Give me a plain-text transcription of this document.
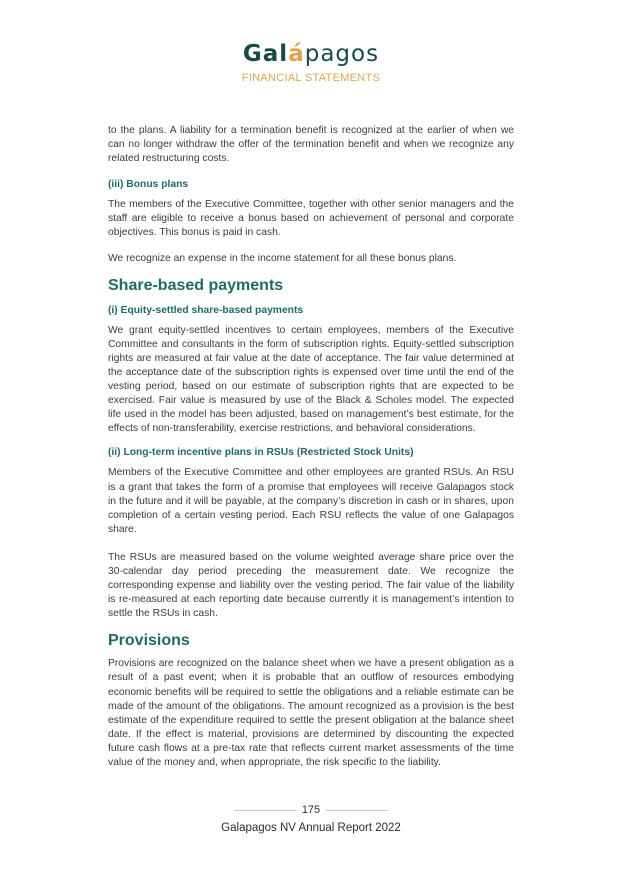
Galápagos
FINANCIAL STATEMENTS

to the plans. A liability for a termination benefit is recognized at the earlier of when we can no longer withdraw the offer of the termination benefit and when we recognize any related restructuring costs.

(iii) Bonus plans

The members of the Executive Committee, together with other senior managers and the staff are eligible to receive a bonus based on achievement of personal and corporate objectives. This bonus is paid in cash.

We recognize an expense in the income statement for all these bonus plans.

Share-based payments
(i) Equity-settled share-based payments

We grant equity-settled incentives to certain employees, members of the Executive Committee and consultants in the form of subscription rights. Equity-settled subscription rights are measured at fair value at the date of acceptance. The fair value determined at the acceptance date of the subscription rights is expensed over time until the end of the vesting period, based on our estimate of subscription rights that are expected to be exercised. Fair value is measured by use of the Black & Scholes model. The expected life used in the model has been adjusted, based on management’s best estimate, for the effects of non-transferability, exercise restrictions, and behavioral considerations.

(ii) Long-term incentive plans in RSUs (Restricted Stock Units)

Members of the Executive Committee and other employees are granted RSUs. An RSU is a grant that takes the form of a promise that employees will receive Galapagos stock in the future and it will be payable, at the company’s discretion in cash or in shares, upon completion of a certain vesting period. Each RSU reflects the value of one Galapagos share.

The RSUs are measured based on the volume weighted average share price over the 30-calendar day period preceding the measurement date. We recognize the corresponding expense and liability over the vesting period. The fair value of the liability is re-measured at each reporting date because currently it is management’s intention to settle the RSUs in cash.

Provisions

Provisions are recognized on the balance sheet when we have a present obligation as a result of a past event; when it is probable that an outflow of resources embodying economic benefits will be required to settle the obligations and a reliable estimate can be made of the amount of the obligations. The amount recognized as a provision is the best estimate of the expenditure required to settle the present obligation at the balance sheet date. If the effect is material, provisions are determined by discounting the expected future cash flows at a pre-tax rate that reflects current market assessments of the time value of the money and, when appropriate, the risk specific to the liability.

175
Galapagos NV Annual Report 2022
